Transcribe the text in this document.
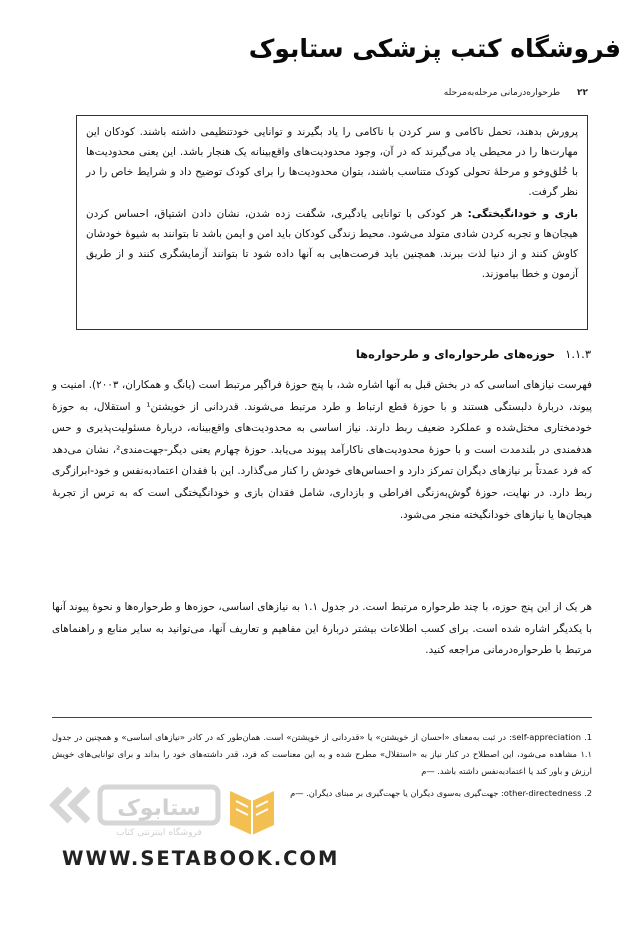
فروشگاه کتب پزشکی ستابوک
۲۲ طرحواره‌درمانی مرحله‌به‌مرحله

پرورش بدهند، تحمل ناکامی و سر کردن با ناکامی را یاد بگیرند و توانایی خودتنظیمی داشته باشند. کودکان این مهارت‌ها را در محیطی یاد می‌گیرند که در آن، وجود محدودیت‌های واقع‌بینانه یک هنجار باشد. این یعنی محدودیت‌ها با خُلق‌وخو و مرحلهٔ تحولی کودک متناسب باشند، بتوان محدودیت‌ها را برای کودک توضیح داد و شرایط خاص را در نظر گرفت.

بازی و خودانگیختگی: هر کودکی با توانایی یادگیری، شگفت زده شدن، نشان دادن اشتیاق، احساس کردن هیجان‌ها و تجربه کردن شادی متولد می‌شود. محیط زندگی کودکان باید امن و ایمن باشد تا بتوانند به شیوهٔ خودشان کاوش کنند و از دنیا لذت ببرند. همچنین باید فرصت‌هایی به آنها داده شود تا بتوانند آزمایشگری کنند و از طریق آزمون و خطا بیاموزند.

۱.۱.۳حوزه‌های طرحواره‌ای و طرحواره‌ها

فهرست نیازهای اساسی که در بخش قبل به آنها اشاره شد، با پنج حوزهٔ فراگیر مرتبط است (یانگ و همکاران، ۲۰۰۳). امنیت و پیوند، دربارهٔ دلبستگی هستند و با حوزهٔ قطع ارتباط و طرد مرتبط می‌شوند. قدردانی از خویشتن¹ و استقلال، به حوزهٔ خودمختاری مختل‌شده و عملکرد ضعیف ربط دارند. نیاز اساسی به محدودیت‌های واقع‌بینانه، دربارهٔ مسئولیت‌پذیری و حس هدفمندی در بلندمدت است و با حوزهٔ محدودیت‌های ناکارآمد پیوند می‌یابد. حوزهٔ چهارم یعنی دیگر-جهت‌مندی²، نشان می‌دهد که فرد عمدتاً بر نیازهای دیگران تمرکز دارد و احساس‌های خودش را کنار می‌گذارد. این با فقدان اعتمادبه‌نفس و خود-ابرازگری ربط دارد. در نهایت، حوزهٔ گوش‌به‌زنگی افراطی و بازداری، شامل فقدان بازی و خودانگیختگی است که به ترس از تجربهٔ هیجان‌ها یا نیازهای خودانگیخته منجر می‌شود.

هر یک از این پنج حوزه، با چند طرحواره مرتبط است. در جدول ۱.۱ به نیازهای اساسی، حوزه‌ها و طرحواره‌ها و نحوهٔ پیوند آنها با یکدیگر اشاره شده است. برای کسب اطلاعات بیشتر دربارهٔ این مفاهیم و تعاریف آنها، می‌توانید به سایر منابع و راهنماهای مرتبط با طرحواره‌درمانی مراجعه کنید.

1. self-appreciation: در ثبت به‌معنای «احسان از خویشتن» یا «قدردانی از خویشتن» است. همان‌طور که در کادر «نیازهای اساسی» و همچنین در جدول ۱.۱ مشاهده می‌شود، این اصطلاح در کنار نیاز به «استقلال» مطرح شده و به این معناست که فرد، قدر داشته‌های خود را بداند و برای توانایی‌های خویش ارزش و باور کند یا اعتمادبه‌نفس داشته باشد. —م

2. other-directedness: جهت‌گیری به‌سوی دیگران یا جهت‌گیری بر مبنای دیگران. —م

ستابوک
فروشگاه اینترنتی کتاب
WWW.SETABOOK.COM
